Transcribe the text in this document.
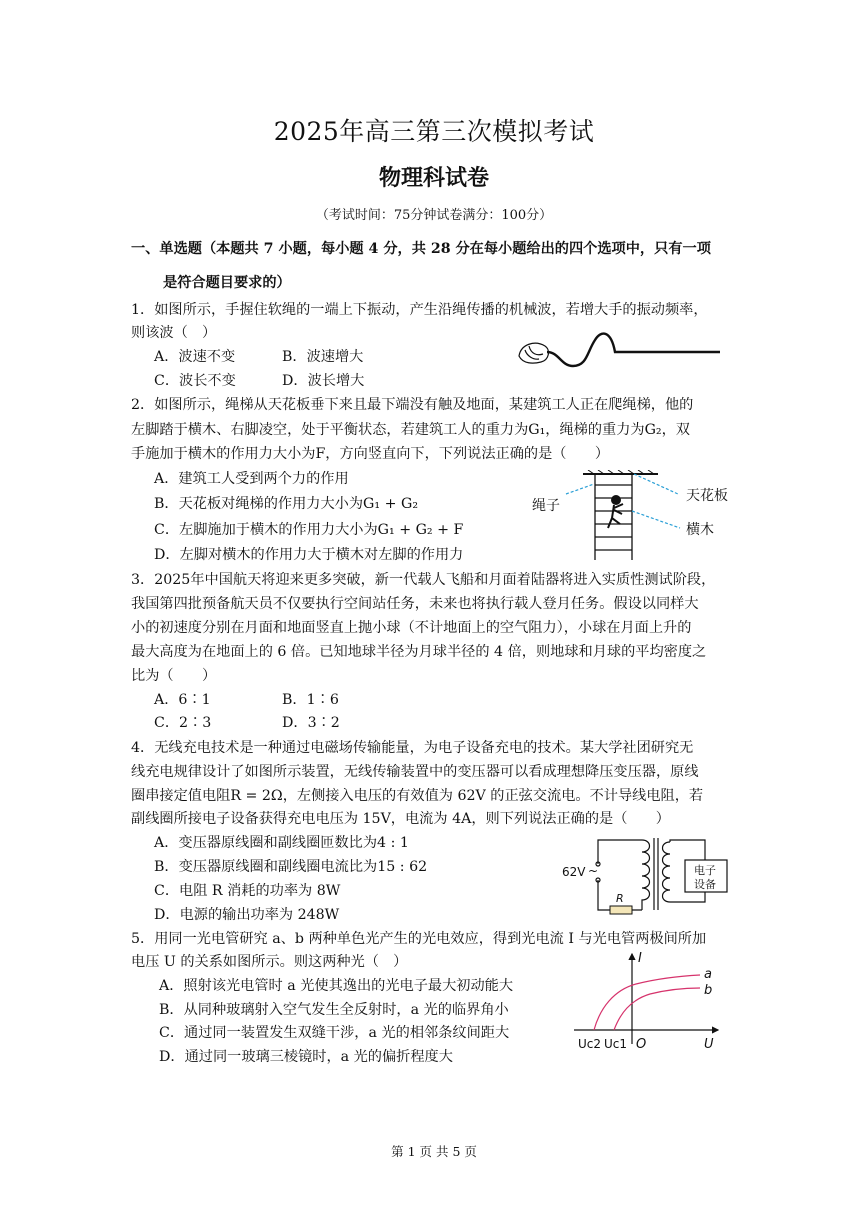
2025年高三第三次模拟考试
物理科试卷
（考试时间：75分钟试卷满分：100分）
一、单选题（本题共 7 小题，每小题 4 分，共 28 分在每小题给出的四个选项中，只有一项
是符合题目要求的）
1．如图所示，手握住软绳的一端上下振动，产生沿绳传播的机械波，若增大手的振动频率，
则该波（　）
A．波速不变	B．波速增大
C．波长不变	D．波长增大
2．如图所示，绳梯从天花板垂下来且最下端没有触及地面，某建筑工人正在爬绳梯，他的
左脚踏于横木、右脚凌空，处于平衡状态，若建筑工人的重力为G₁，绳梯的重力为G₂，双
手施加于横木的作用力大小为F，方向竖直向下，下列说法正确的是（　　）
A．建筑工人受到两个力的作用
B．天花板对绳梯的作用力大小为G₁ + G₂
C．左脚施加于横木的作用力大小为G₁ + G₂ + F
D．左脚对横木的作用力大于横木对左脚的作用力
绳子
天花板
横木
3．2025年中国航天将迎来更多突破，新一代载人飞船和月面着陆器将进入实质性测试阶段，
我国第四批预备航天员不仅要执行空间站任务，未来也将执行载人登月任务。假设以同样大
小的初速度分别在月面和地面竖直上抛小球（不计地面上的空气阻力），小球在月面上升的
最大高度为在地面上的 6 倍。已知地球半径为月球半径的 4 倍，则地球和月球的平均密度之
比为（　　）
A．6∶1	B．1∶6
C．2∶3	D．3∶2
4．无线充电技术是一种通过电磁场传输能量，为电子设备充电的技术。某大学社团研究无
线充电规律设计了如图所示装置，无线传输装置中的变压器可以看成理想降压变压器，原线
圈串接定值电阻R = 2Ω，左侧接入电压的有效值为 62V 的正弦交流电。不计导线电阻，若
副线圈所接电子设备获得充电电压为 15V，电流为 4A，则下列说法正确的是（　　）
A．变压器原线圈和副线圈匝数比为4 : 1
B．变压器原线圈和副线圈电流比为15 : 62
C．电阻 R 消耗的功率为 8W
D．电源的输出功率为 248W
62V ~
R
电子
设备
5．用同一光电管研究 a、b 两种单色光产生的光电效应，得到光电流 I 与光电管两极间所加
电压 U 的关系如图所示。则这两种光（　）
A．照射该光电管时 a 光使其逸出的光电子最大初动能大
B．从同种玻璃射入空气发生全反射时，a 光的临界角小
C．通过同一装置发生双缝干涉，a 光的相邻条纹间距大
D．通过同一玻璃三棱镜时，a 光的偏折程度大
I
U
O
a
b
Uc2 Uc1
第 1 页 共 5 页
